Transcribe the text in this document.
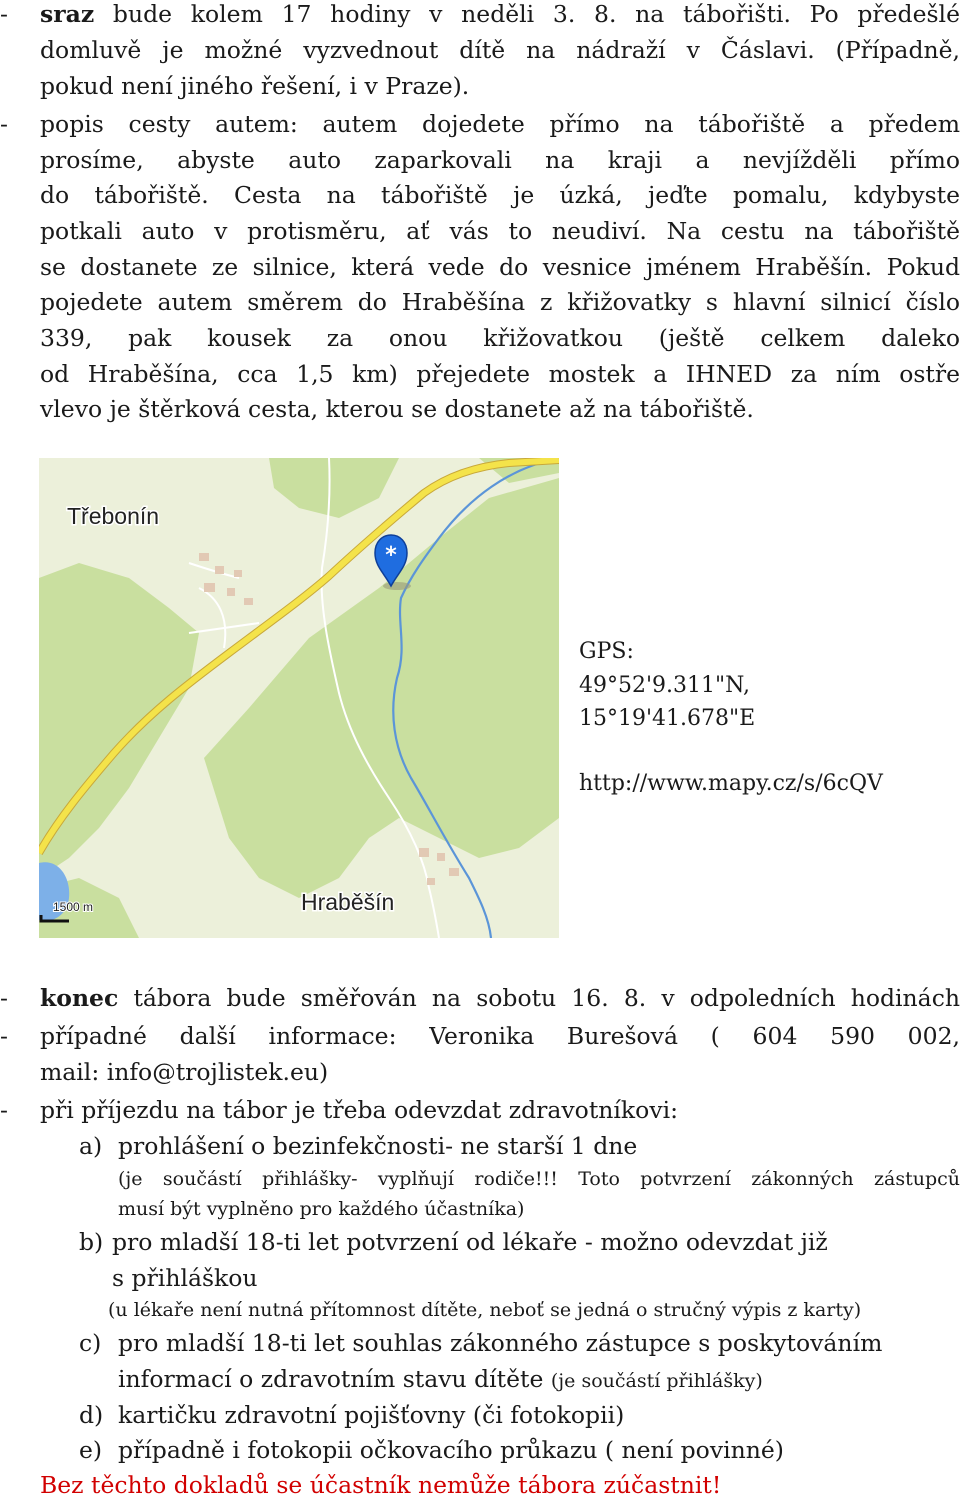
- sraz bude kolem 17 hodiny v neděli 3. 8. na tábořišti. Po předešlé
domluvě je možné vyzvednout dítě na nádraží v Čáslavi. (Případně,
pokud není jiného řešení, i v Praze).
- popis cesty autem: autem dojedete přímo na tábořiště a předem
prosíme, abyste auto zaparkovali na kraji a nevjížděli přímo
do tábořiště. Cesta na tábořiště je úzká, jeďte pomalu, kdybyste
potkali auto v protisměru, ať vás to neudiví. Na cestu na tábořiště
se dostanete ze silnice, která vede do vesnice jménem Hraběšín. Pokud
pojedete autem směrem do Hraběšína z křižovatky s hlavní silnicí číslo
339, pak kousek za onou křižovatkou (ještě celkem daleko
od Hraběšína, cca 1,5 km) přejedete mostek a IHNED za ním ostře
vlevo je štěrková cesta, kterou se dostanete až na tábořiště.
Třebonín
Hraběšín
1500 m
*
GPS:
49°52'9.311"N,
15°19'41.678"E
http://www.mapy.cz/s/6cQV
- konec tábora bude směřován na sobotu 16. 8. v odpoledních hodinách
- případné další informace: Veronika Burešová ( 604 590 002,
mail: info@trojlistek.eu)
- při příjezdu na tábor je třeba odevzdat zdravotníkovi:
a) prohlášení o bezinfekčnosti- ne starší 1 dne
(je součástí přihlášky- vyplňují rodiče!!! Toto potvrzení zákonných zástupců
musí být vyplněno pro každého účastníka)
b) pro mladší 18-ti let potvrzení od lékaře - možno odevzdat již
s přihláškou
(u lékaře není nutná přítomnost dítěte, neboť se jedná o stručný výpis z karty)
c) pro mladší 18-ti let souhlas zákonného zástupce s poskytováním
informací o zdravotním stavu dítěte (je součástí přihlášky)
d) kartičku zdravotní pojišťovny (či fotokopii)
e) případně i fotokopii očkovacího průkazu ( není povinné)
Bez těchto dokladů se účastník nemůže tábora zúčastnit!
